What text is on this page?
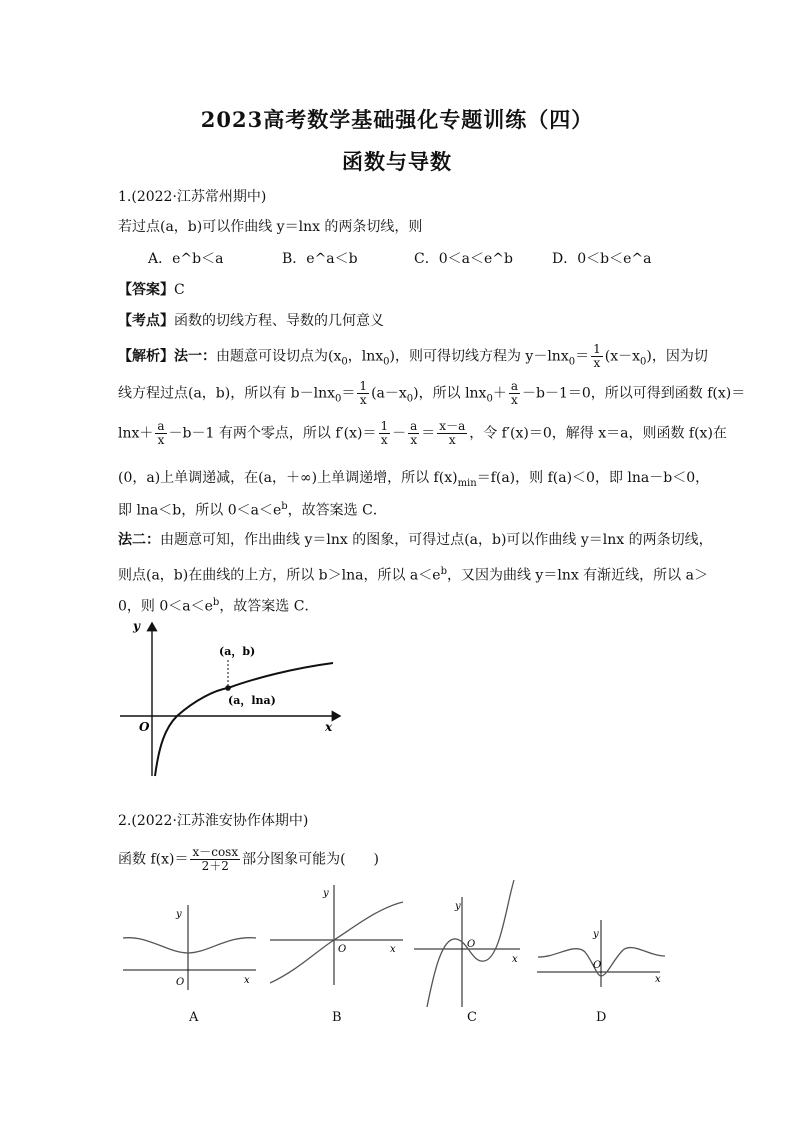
2023高考数学基础强化专题训练（四）
函数与导数
1.(2022·江苏常州期中)
若过点(a，b)可以作曲线 y＝lnx 的两条切线，则
A．e^b＜a	B．e^a＜b	C．0＜a＜e^b	D．0＜b＜e^a
【答案】C
【考点】函数的切线方程、导数的几何意义
【解析】法一：由题意可设切点为($x_0$，lnx$_0$)，则可得切线方程为 $y-\ln x_0= \frac{1}{x} (x-x_0)$，因为切
线方程过点(a，b)，所以有 $b-\ln x_0= \frac{1}{x} (a-x_0)$，所以 $\ln x_0+ \frac{a}{x} -b-1=0$，所以可得到函数 f(x)＝
$\ln x+ \frac{a}{x} -b-1$ 有两个零点，所以 $f'(x)= \frac{1}{x} - \frac{a}{x} = \frac{x-a}{x}$ ，令 f′(x)＝0，解得 x＝a，则函数 f(x)在
(0，a)上单调递减，在(a，＋∞)上单调递增，所以 $f(x)_{min}=f(a)$，则 f(a)＜0，即 lna－b＜0，
即 lna＜b，所以 $0<a<e^b$，故答案选 C．
法二：由题意可知，作出曲线 y＝lnx 的图象，可得过点(a，b)可以作曲线 y＝lnx 的两条切线，
则点(a，b)在曲线的上方，所以 b＞lna，所以 $a<e^b$，又因为曲线 y＝lnx 有渐近线，所以 a＞
0，则 $0<a<e^b$，故答案选 C．
y
x
O
(a，b)
(a，lna)
2.(2022·江苏淮安协作体期中)
函数 $f(x)= \frac{x-\cos x}{2+2}$ 部分图象可能为(　　)
y
x
O
y
x
O
y
x
O
y
x
O
A	B	C	D
